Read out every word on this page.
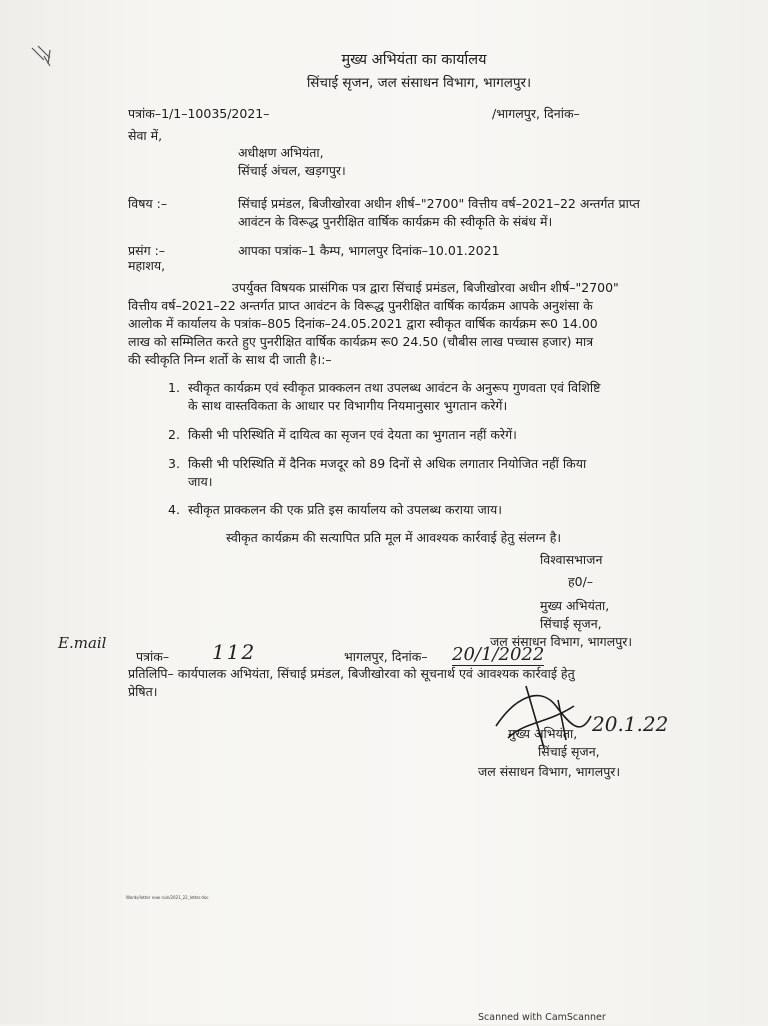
मुख्य अभियंता का कार्यालय
सिंचाई सृजन, जल संसाधन विभाग, भागलपुर।
पत्रांक–1/1–10035/2021–	/भागलपुर, दिनांक–
सेवा में,
अधीक्षण अभियंता,
सिंचाई अंचल, खड़गपुर।
विषय :–	सिंचाई प्रमंडल, बिजीखोरवा अधीन शीर्ष–"2700" वित्तीय वर्ष–2021–22 अन्तर्गत प्राप्त
आवंटन के विरूद्ध पुनरीक्षित वार्षिक कार्यक्रम की स्वीकृति के संबंध में।
प्रसंग :–	आपका पत्रांक–1 कैम्प, भागलपुर दिनांक–10.01.2021
महाशय,
उपर्युक्त विषयक प्रासंगिक पत्र द्वारा सिंचाई प्रमंडल, बिजीखोरवा अधीन शीर्ष–"2700"
वित्तीय वर्ष–2021–22 अन्तर्गत प्राप्त आवंटन के विरूद्ध पुनरीक्षित वार्षिक कार्यक्रम आपके अनुशंसा के
आलोक में कार्यालय के पत्रांक–805 दिनांक–24.05.2021 द्वारा स्वीकृत वार्षिक कार्यक्रम रू0 14.00
लाख को सम्मिलित करते हुए पुनरीक्षित वार्षिक कार्यक्रम रू0 24.50 (चौबीस लाख पच्चास हजार) मात्र
की स्वीकृति निम्न शर्तो के साथ दी जाती है।:–
1. स्वीकृत कार्यक्रम एवं स्वीकृत प्राक्कलन तथा उपलब्ध आवंटन के अनुरूप गुणवता एवं विशिष्टि
के साथ वास्तविकता के आधार पर विभागीय नियमानुसार भुगतान करेगें।
2. किसी भी परिस्थिति में दायित्व का सृजन एवं देयता का भुगतान नहीं करेगें।
3. किसी भी परिस्थिति में दैनिक मजदूर को 89 दिनों से अधिक लगातार नियोजित नहीं किया
जाय।
4. स्वीकृत प्राक्कलन की एक प्रति इस कार्यालय को उपलब्ध कराया जाय।
स्वीकृत कार्यक्रम की सत्यापित प्रति मूल में आवश्यक कार्रवाई हेतु संलग्न है।
विश्वासभाजन
ह0/–
मुख्य अभियंता,
सिंचाई सृजन,
जल संसाधन विभाग, भागलपुर।
E.mail
पत्रांक– 112	भागलपुर, दिनांक– 20/1/2022
प्रतिलिपि– कार्यपालक अभियंता, सिंचाई प्रमंडल, बिजीखोरवा को सूचनार्थ एवं आवश्यक कार्रवाई हेतु
प्रेषित।
20.1.22
मुख्य अभियंता,
सिंचाई सृजन,
जल संसाधन विभाग, भागलपुर।
Words/letter new rule/2021_22_letter.doc
Scanned with CamScanner
